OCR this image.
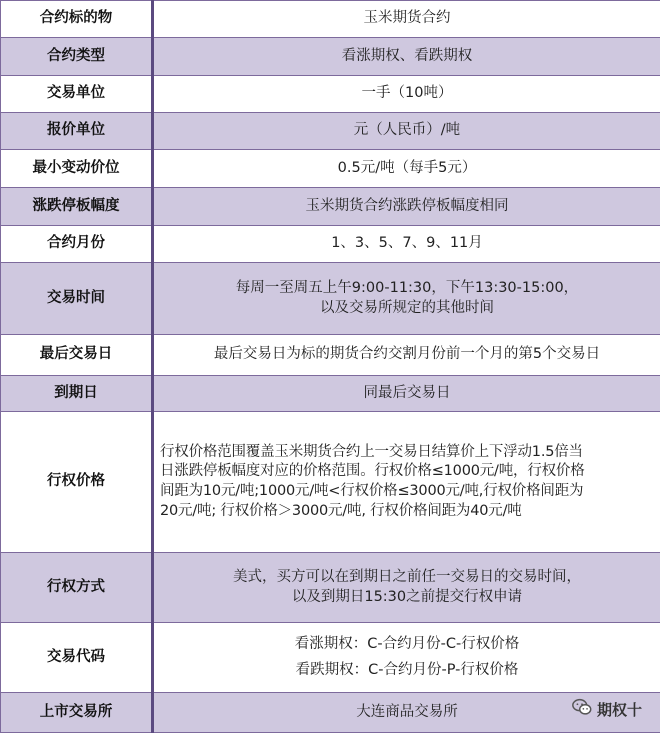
合约标的物	玉米期货合约

合约类型	看涨期权、看跌期权

交易单位	一手（10吨）

报价单位	元（人民币）/吨

最小变动价位	0.5元/吨（每手5元）

涨跌停板幅度	玉米期货合约涨跌停板幅度相同

合约月份	1、3、5、7、9、11月

交易时间	每周一至周五上午9:00-11:30，下午13:30-15:00，
以及交易所规定的其他时间

最后交易日	最后交易日为标的期货合约交割月份前一个月的第5个交易日

到期日	同最后交易日

行权价格	行权价格范围覆盖玉米期货合约上一交易日结算价上下浮动1.5倍当
日涨跌停板幅度对应的价格范围。行权价格≤1000元/吨，行权价格
间距为10元/吨;1000元/吨<行权价格≤3000元/吨,行权价格间距为
20元/吨; 行权价格＞3000元/吨, 行权价格间距为40元/吨

行权方式	美式，买方可以在到期日之前任一交易日的交易时间，
以及到期日15:30之前提交行权申请

交易代码	看涨期权：C-合约月份-C-行权价格
看跌期权：C-合约月份-P-行权价格

上市交易所	大连商品交易所	期权十
